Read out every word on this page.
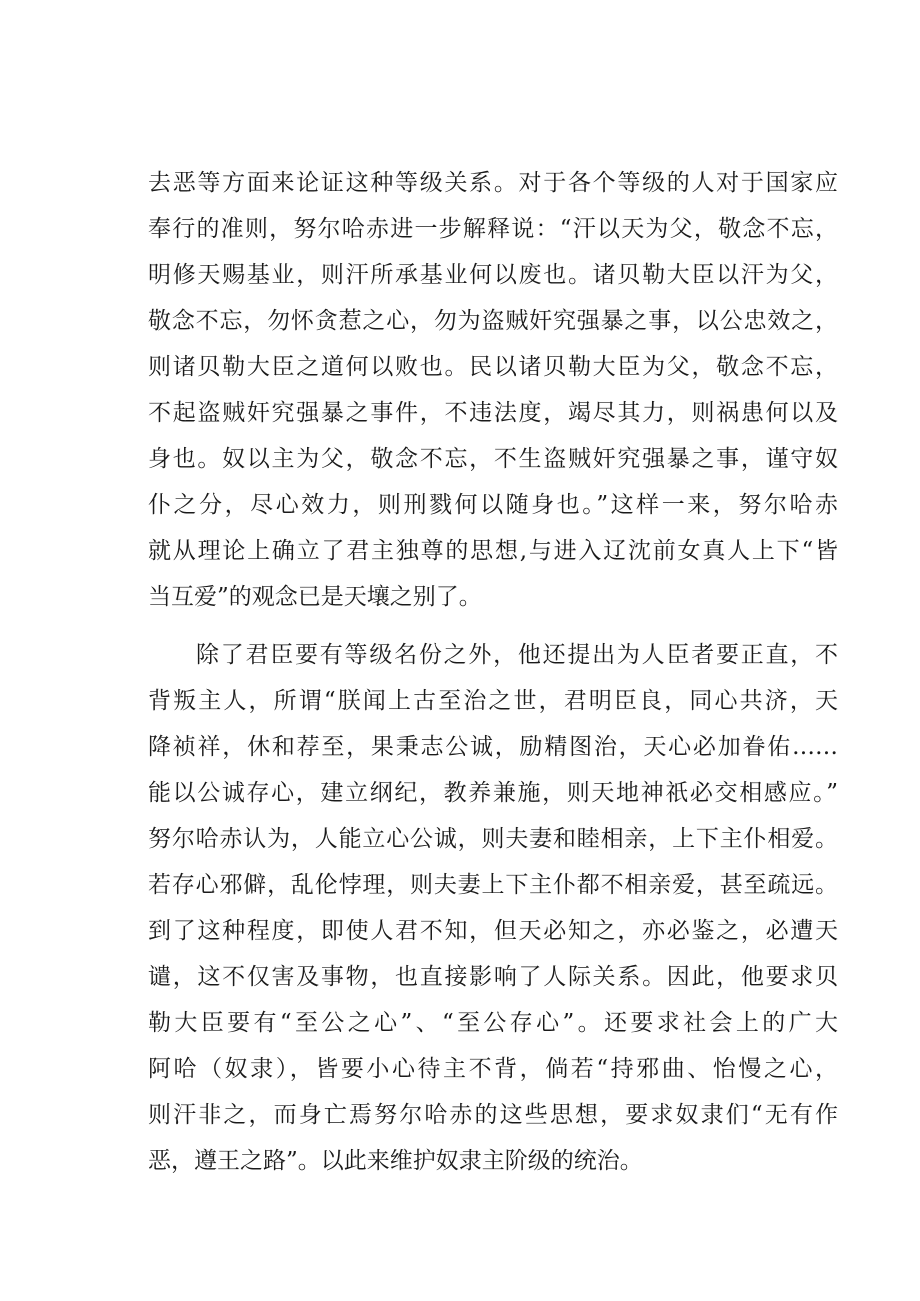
去恶等方面来论证这种等级关系。对于各个等级的人对于国家应
奉行的准则，努尔哈赤进一步解释说：“汗以天为父，敬念不忘，
明修天赐基业，则汗所承基业何以废也。诸贝勒大臣以汗为父，
敬念不忘，勿怀贪惹之心，勿为盗贼奸究强暴之事，以公忠效之，
则诸贝勒大臣之道何以败也。民以诸贝勒大臣为父，敬念不忘，
不起盗贼奸究强暴之事件，不违法度，竭尽其力，则祸患何以及
身也。奴以主为父，敬念不忘，不生盗贼奸究强暴之事，谨守奴
仆之分，尽心效力，则刑戮何以随身也。”这样一来，努尔哈赤
就从理论上确立了君主独尊的思想,与进入辽沈前女真人上下“皆
当互爱”的观念已是天壤之别了。
除了君臣要有等级名份之外，他还提出为人臣者要正直，不
背叛主人，所谓“朕闻上古至治之世，君明臣良，同心共济，天
降祯祥，休和荐至，果秉志公诚，励精图治，天心必加眷佑……
能以公诚存心，建立纲纪，教养兼施，则天地神祇必交相感应。”
努尔哈赤认为，人能立心公诚，则夫妻和睦相亲，上下主仆相爱。
若存心邪僻，乱伦悖理，则夫妻上下主仆都不相亲爱，甚至疏远。
到了这种程度，即使人君不知，但天必知之，亦必鉴之，必遭天
谴，这不仅害及事物，也直接影响了人际关系。因此，他要求贝
勒大臣要有“至公之心”、“至公存心”。还要求社会上的广大
阿哈（奴隶），皆要小心待主不背，倘若“持邪曲、怡慢之心，
则汗非之，而身亡焉努尔哈赤的这些思想，要求奴隶们“无有作
恶，遵王之路”。以此来维护奴隶主阶级的统治。
